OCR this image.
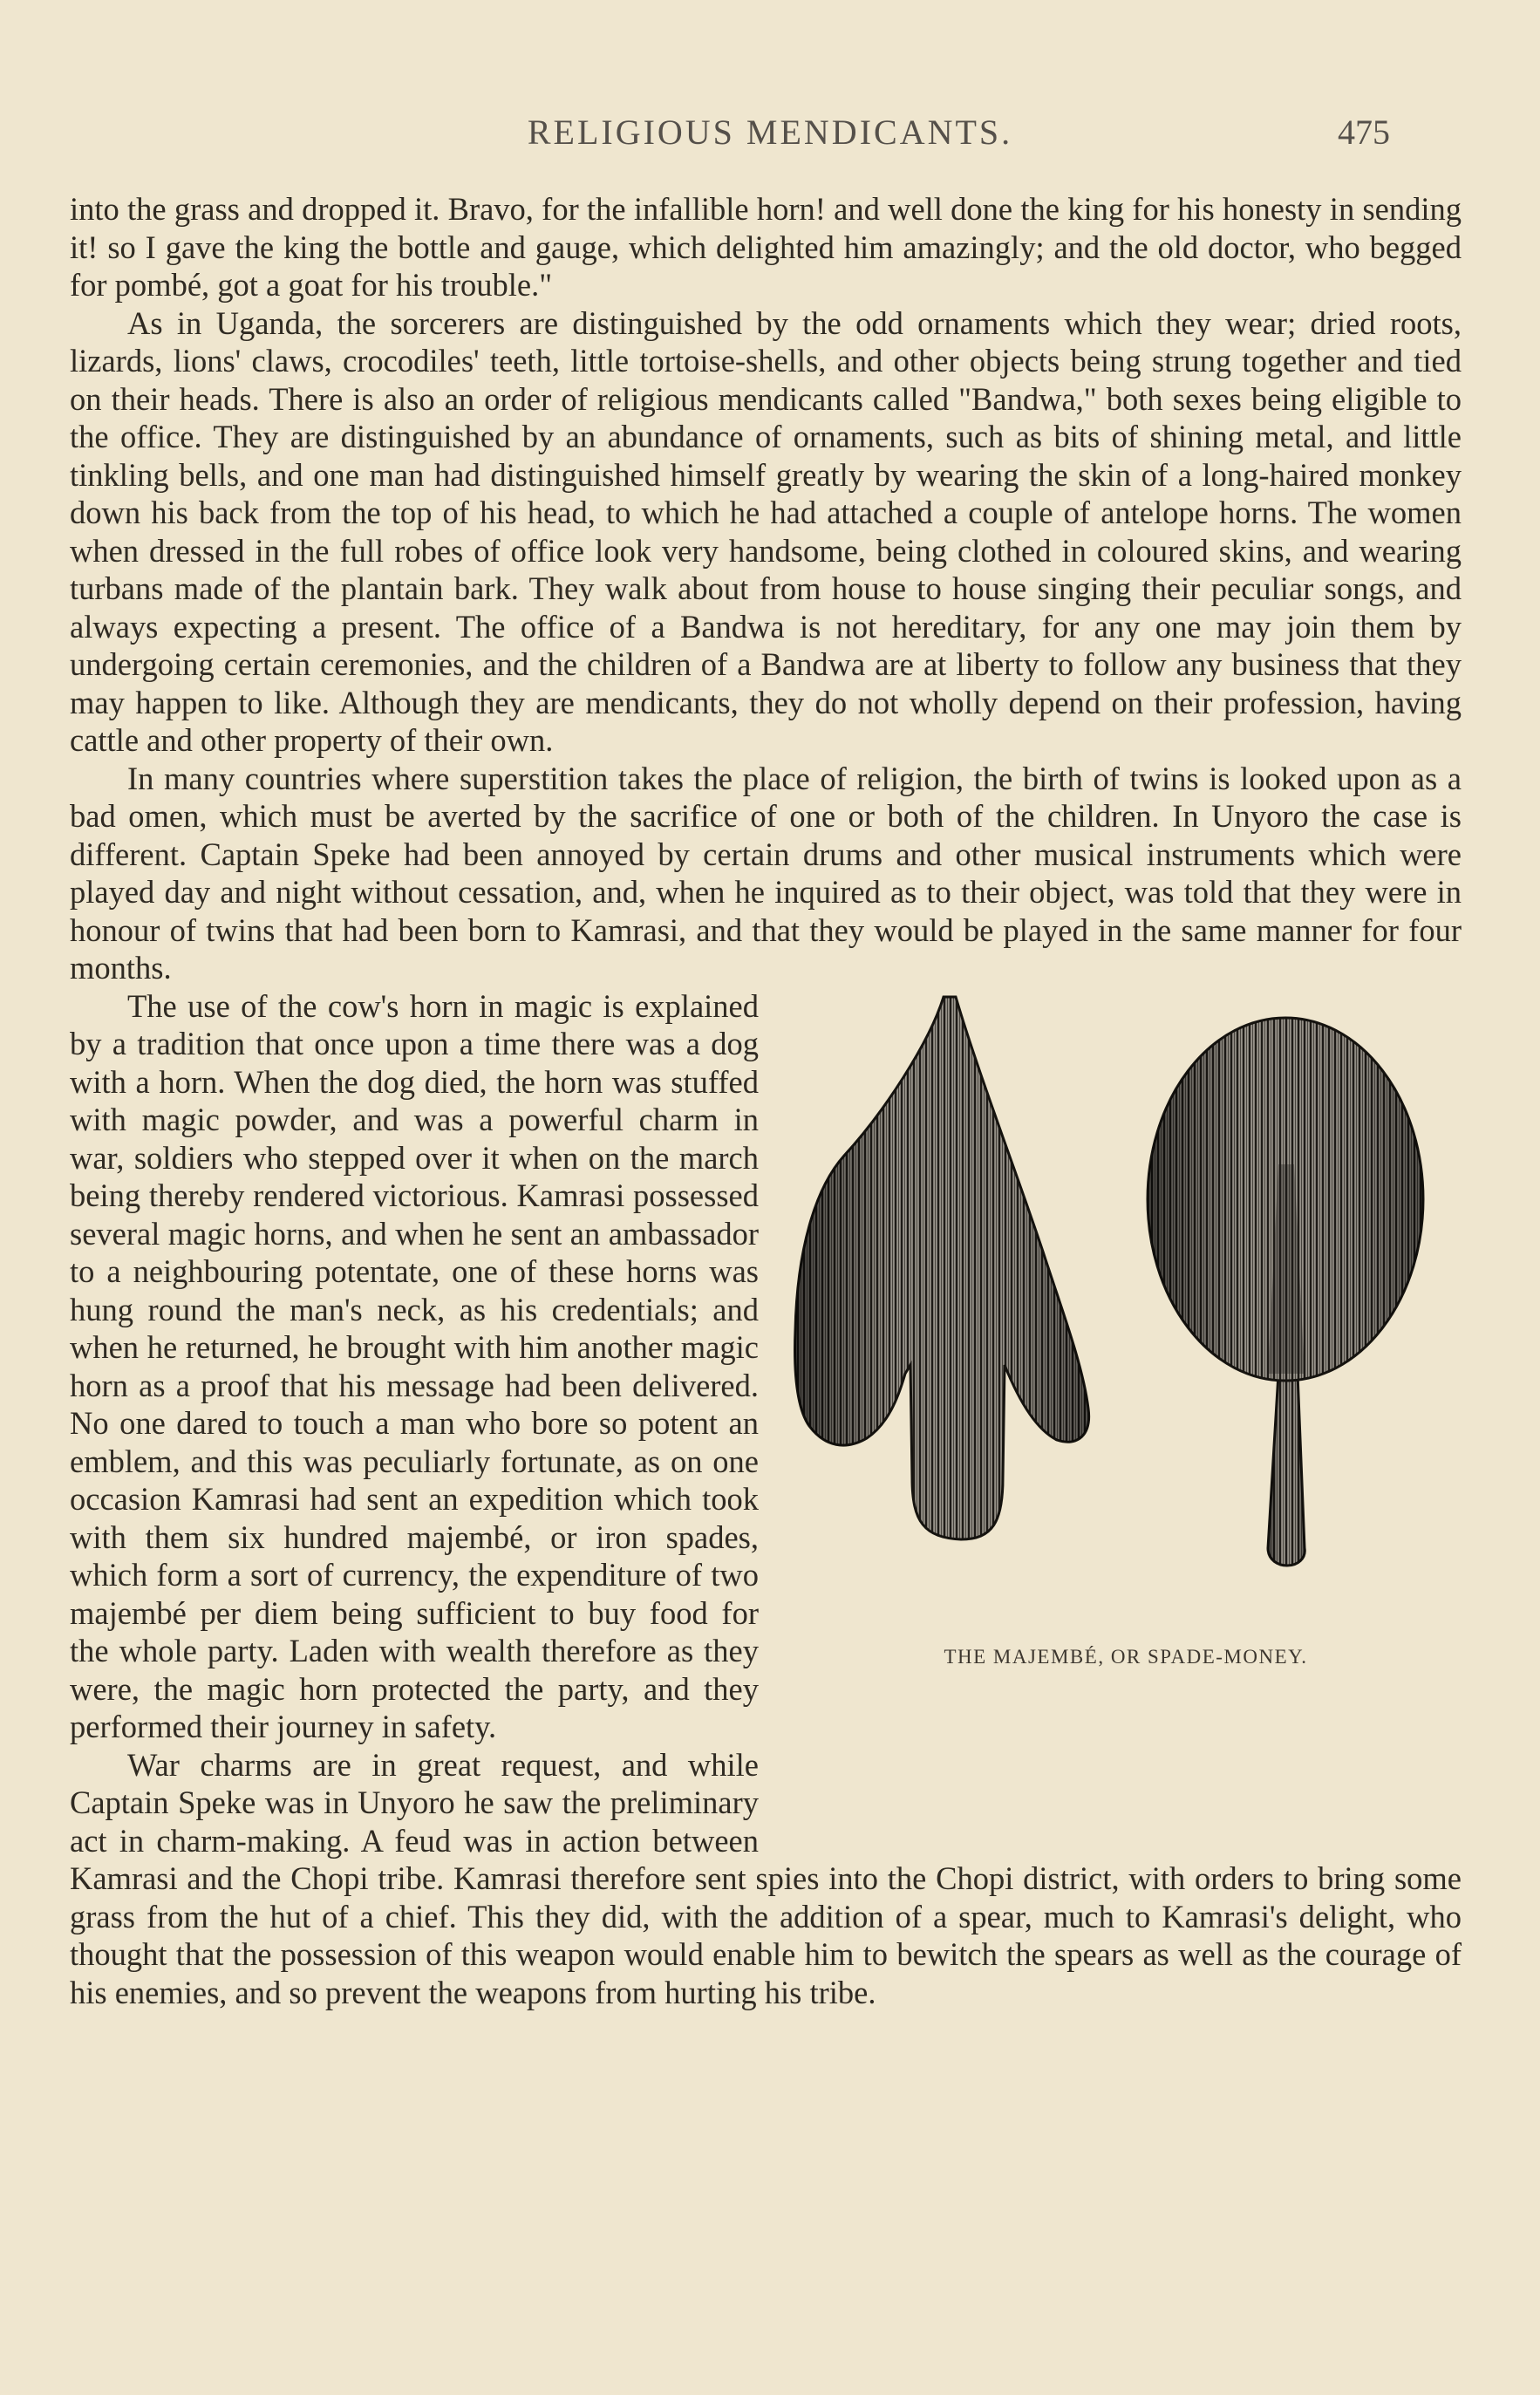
RELIGIOUS MENDICANTS.	475

into the grass and dropped it. Bravo, for the infallible horn! and well done the king for his honesty in sending it! so I gave the king the bottle and gauge, which delighted him amazingly; and the old doctor, who begged for pombé, got a goat for his trouble."

As in Uganda, the sorcerers are distinguished by the odd ornaments which they wear; dried roots, lizards, lions' claws, crocodiles' teeth, little tortoise-shells, and other objects being strung together and tied on their heads. There is also an order of religious mendicants called "Bandwa," both sexes being eligible to the office. They are distinguished by an abundance of ornaments, such as bits of shining metal, and little tinkling bells, and one man had distinguished himself greatly by wearing the skin of a long-haired monkey down his back from the top of his head, to which he had attached a couple of antelope horns. The women when dressed in the full robes of office look very handsome, being clothed in coloured skins, and wearing turbans made of the plantain bark. They walk about from house to house singing their peculiar songs, and always expecting a present. The office of a Bandwa is not hereditary, for any one may join them by undergoing certain ceremonies, and the children of a Bandwa are at liberty to follow any business that they may happen to like. Although they are mendicants, they do not wholly depend on their profession, having cattle and other property of their own.

In many countries where superstition takes the place of religion, the birth of twins is looked upon as a bad omen, which must be averted by the sacrifice of one or both of the children. In Unyoro the case is different. Captain Speke had been annoyed by certain drums and other musical instruments which were played day and night without cessation, and, when he inquired as to their object, was told that they were in honour of twins that had been born to Kamrasi, and that they would be played in the same manner for four months.

THE MAJEMBÉ, OR SPADE-MONEY.

The use of the cow's horn in magic is explained by a tradition that once upon a time there was a dog with a horn. When the dog died, the horn was stuffed with magic powder, and was a powerful charm in war, soldiers who stepped over it when on the march being thereby rendered victorious. Kamrasi possessed several magic horns, and when he sent an ambassador to a neighbouring potentate, one of these horns was hung round the man's neck, as his credentials; and when he returned, he brought with him another magic horn as a proof that his message had been delivered. No one dared to touch a man who bore so potent an emblem, and this was peculiarly fortunate, as on one occasion Kamrasi had sent an expedition which took with them six hundred majembé, or iron spades, which form a sort of currency, the expenditure of two majembé per diem being sufficient to buy food for the whole party. Laden with wealth therefore as they were, the magic horn protected the party, and they performed their journey in safety.

War charms are in great request, and while Captain Speke was in Unyoro he saw the preliminary act in charm-making. A feud was in action between Kamrasi and the Chopi tribe. Kamrasi therefore sent spies into the Chopi district, with orders to bring some grass from the hut of a chief. This they did, with the addition of a spear, much to Kamrasi's delight, who thought that the possession of this weapon would enable him to bewitch the spears as well as the courage of his enemies, and so prevent the weapons from hurting his tribe.
